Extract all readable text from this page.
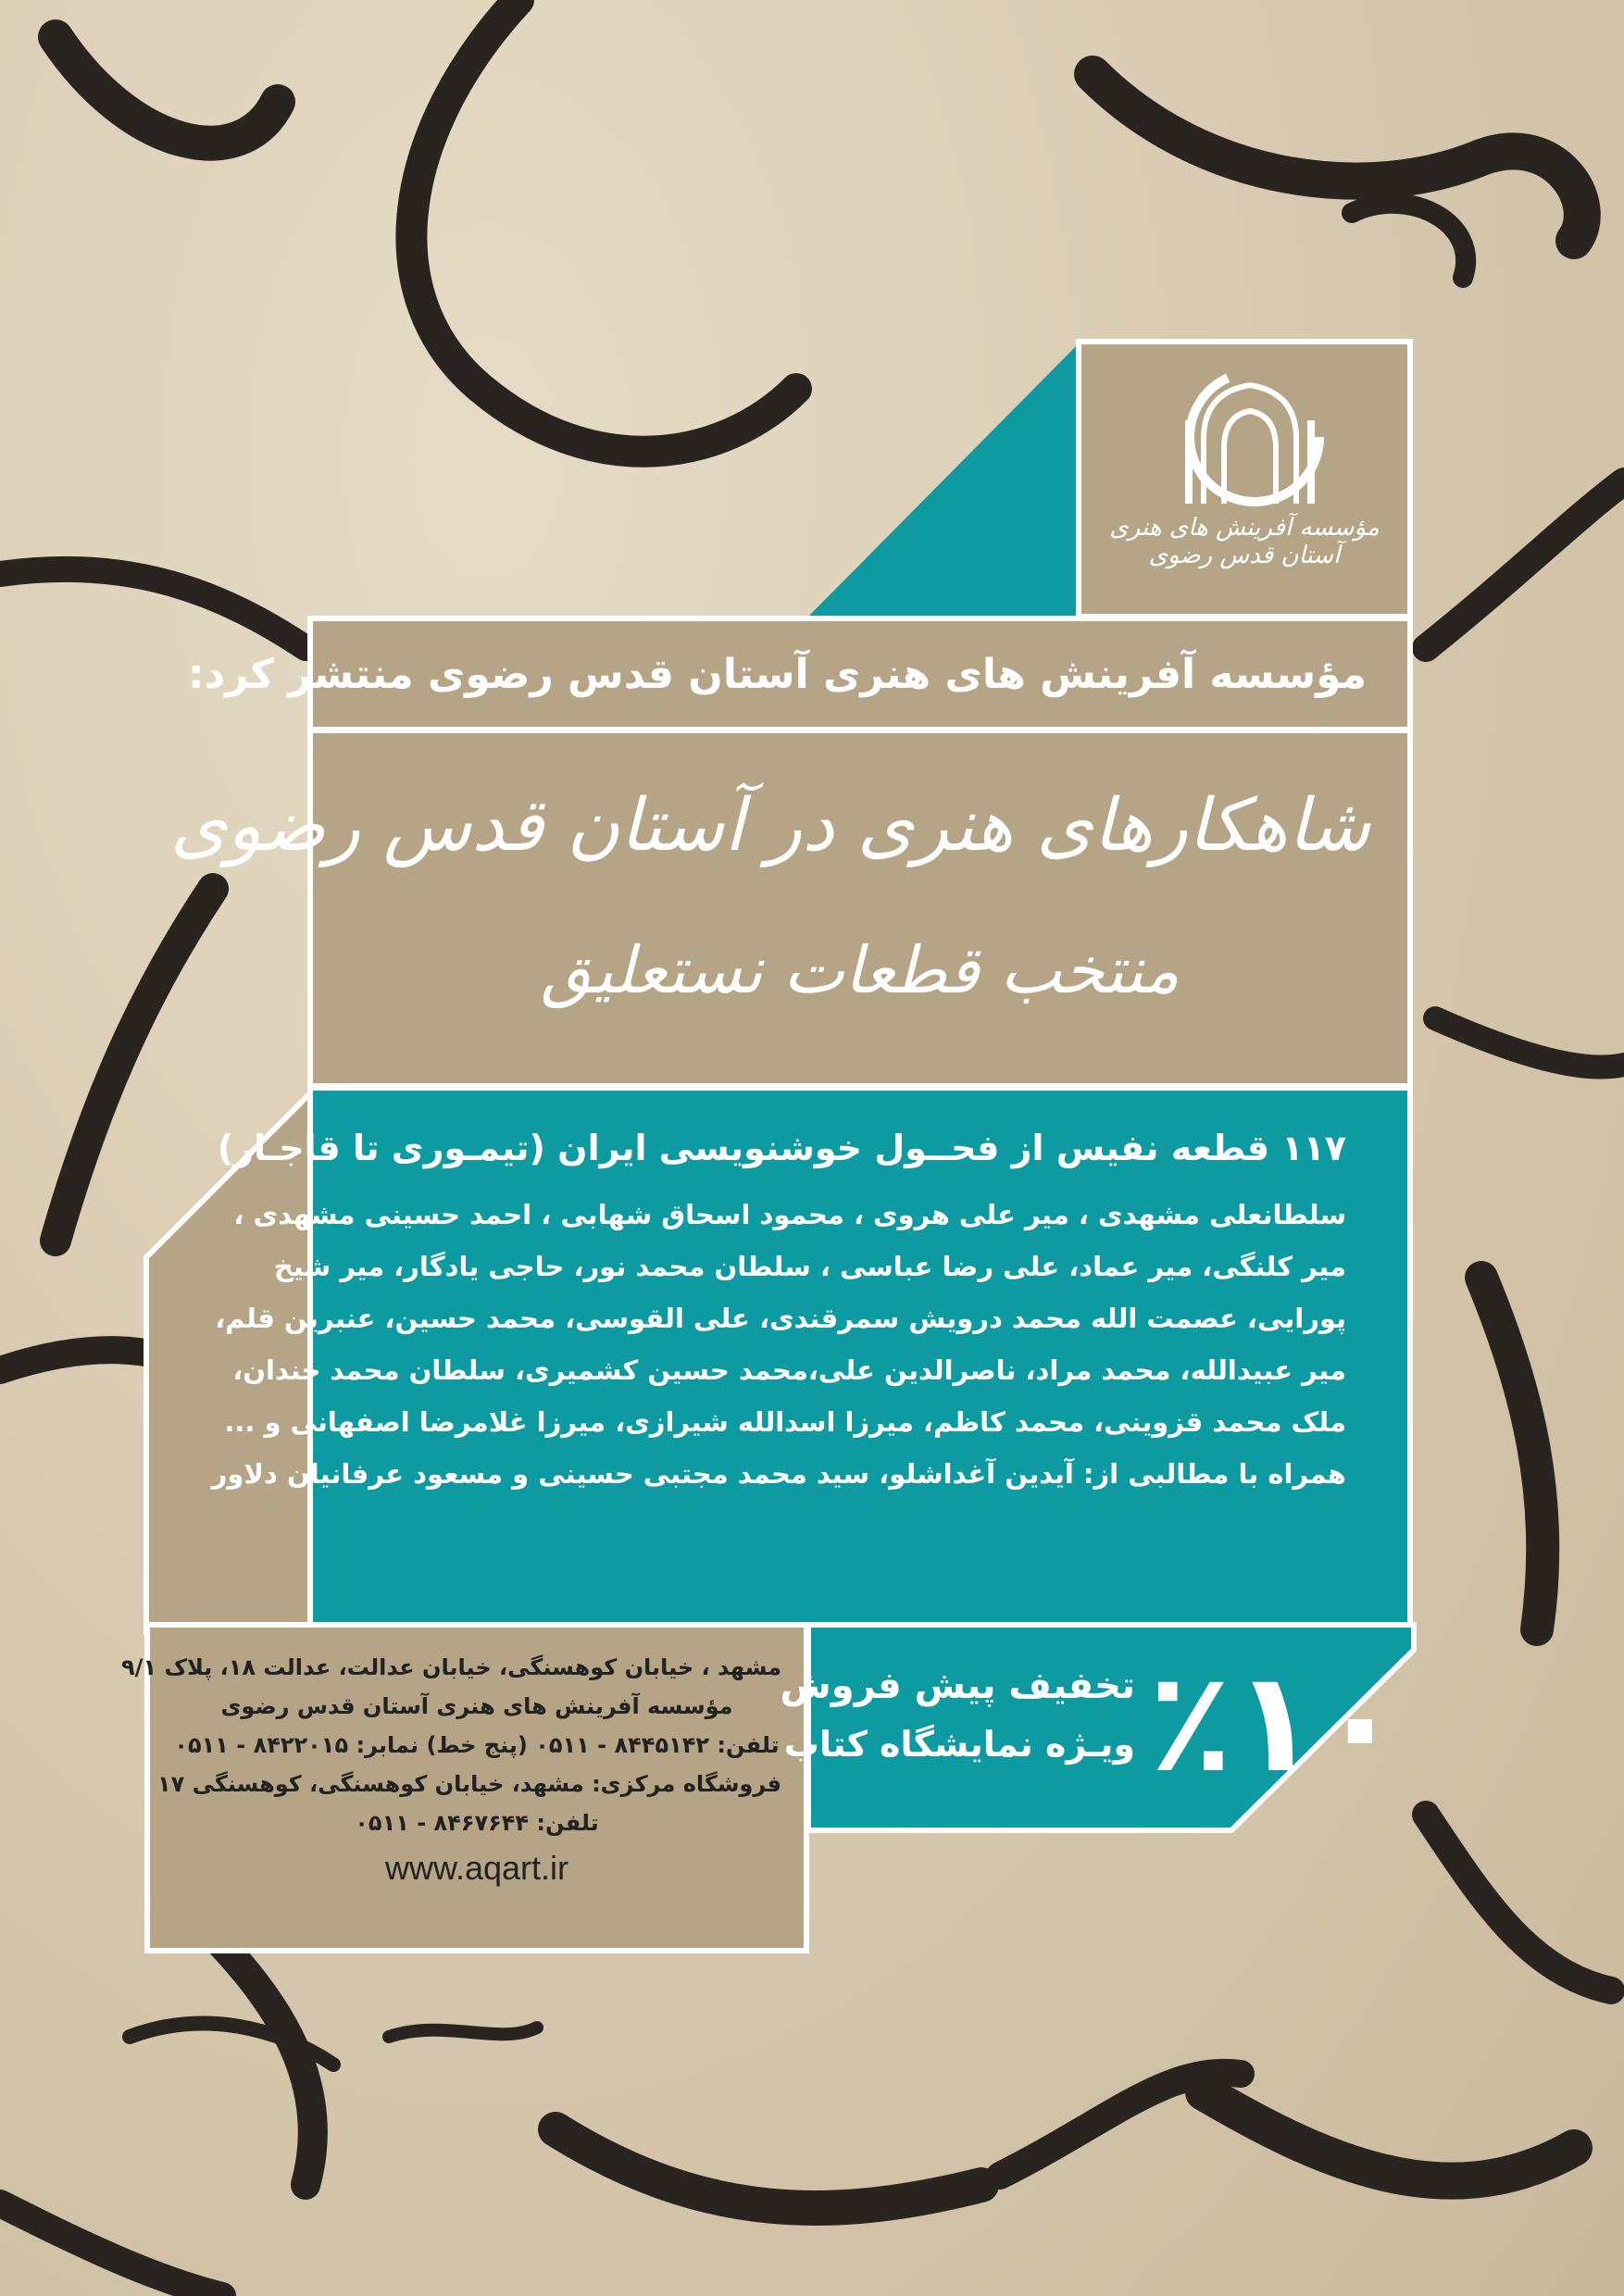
مؤسسه آفرینش های هنری آستان قدس رضوی
مؤسسه آفرینش های هنری آستان قدس رضوی منتشر کرد:
شاهکارهای هنری در آستان قدس رضوی
منتخب قطعات نستعلیق
۱۱۷ قطعه نفیس از فحــول خوشنویسی ایران (تیمـوری تا قاجـار)
سلطانعلی مشهدی ، میر علی هروی ، محمود اسحاق شهابی ، احمد حسینی مشهدی ،
میر کلنگی، میر عماد، علی رضا عباسی ، سلطان محمد نور، حاجی یادگار، میر شیخ
پورایی، عصمت الله محمد درویش سمرقندی، علی القوسی، محمد حسین، عنبرین قلم،
میر عبیدالله، محمد مراد، ناصرالدین علی،محمد حسین کشمیری، سلطان محمد خندان،
ملک محمد قزوینی، محمد کاظم، میرزا اسدالله شیرازی، میرزا غلامرضا اصفهانی و ...
همراه با مطالبی از: آیدین آغداشلو، سید محمد مجتبی حسینی و مسعود عرفانیان دلاور
مشهد ، خیابان کوهسنگی، خیابان عدالت، عدالت ۱۸، پلاک ۹/۱
مؤسسه آفرینش های هنری آستان قدس رضوی
تلفن: ۸۴۴۵۱۴۲ - ۰۵۱۱ (پنج خط) نمابر: ۸۴۲۲۰۱۵ - ۰۵۱۱
فروشگاه مرکزی: مشهد، خیابان کوهسنگی، کوهسنگی ۱۷
تلفن: ۸۴۶۷۶۴۴ - ۰۵۱۱
www.aqart.ir
٪۱۰
تخفیف پیش فروش
ویـژه نمایشگاه کتاب
